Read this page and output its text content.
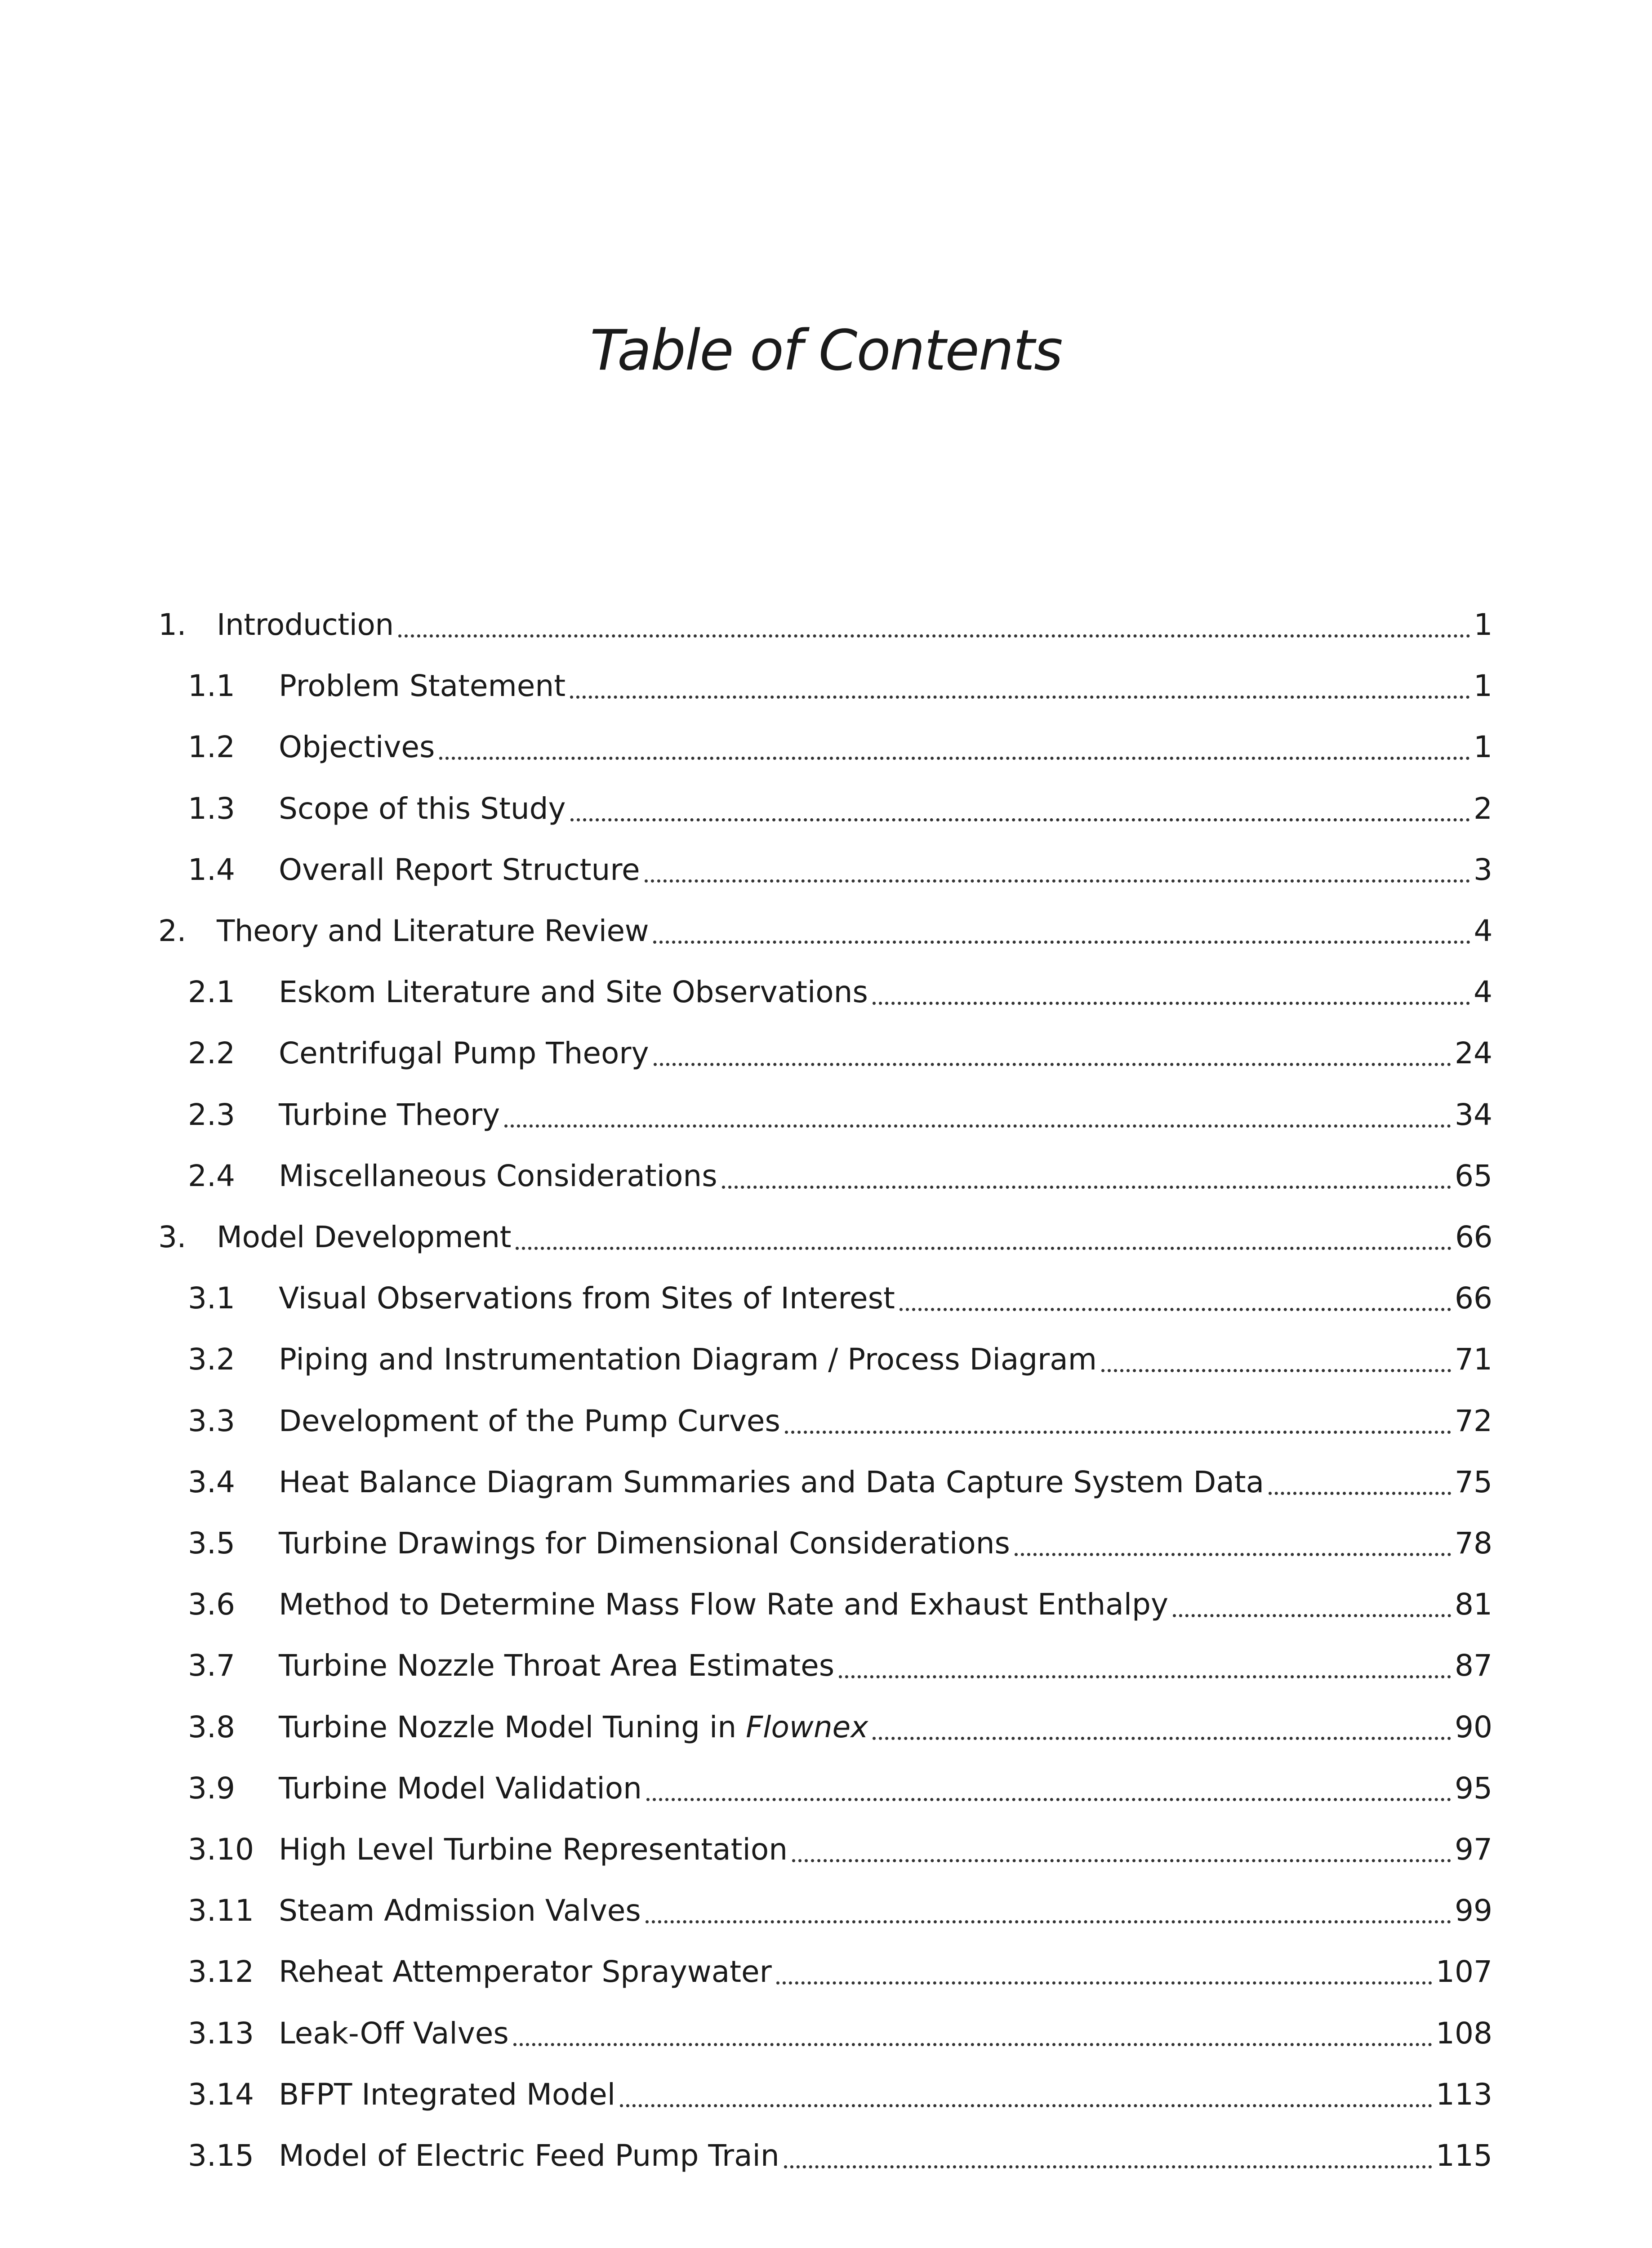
Table of Contents
1.	Introduction	1
1.1	Problem Statement	1
1.2	Objectives	1
1.3	Scope of this Study	2
1.4	Overall Report Structure	3
2.	Theory and Literature Review	4
2.1	Eskom Literature and Site Observations	4
2.2	Centrifugal Pump Theory	24
2.3	Turbine Theory	34
2.4	Miscellaneous Considerations	65
3.	Model Development	66
3.1	Visual Observations from Sites of Interest	66
3.2	Piping and Instrumentation Diagram / Process Diagram	71
3.3	Development of the Pump Curves	72
3.4	Heat Balance Diagram Summaries and Data Capture System Data	75
3.5	Turbine Drawings for Dimensional Considerations	78
3.6	Method to Determine Mass Flow Rate and Exhaust Enthalpy	81
3.7	Turbine Nozzle Throat Area Estimates	87
3.8	Turbine Nozzle Model Tuning in Flownex	90
3.9	Turbine Model Validation	95
3.10 High Level Turbine Representation	97
3.11 Steam Admission Valves	99
3.12 Reheat Attemperator Spraywater	107
3.13 Leak-Off Valves	108
3.14 BFPT Integrated Model	113
3.15 Model of Electric Feed Pump Train	115
